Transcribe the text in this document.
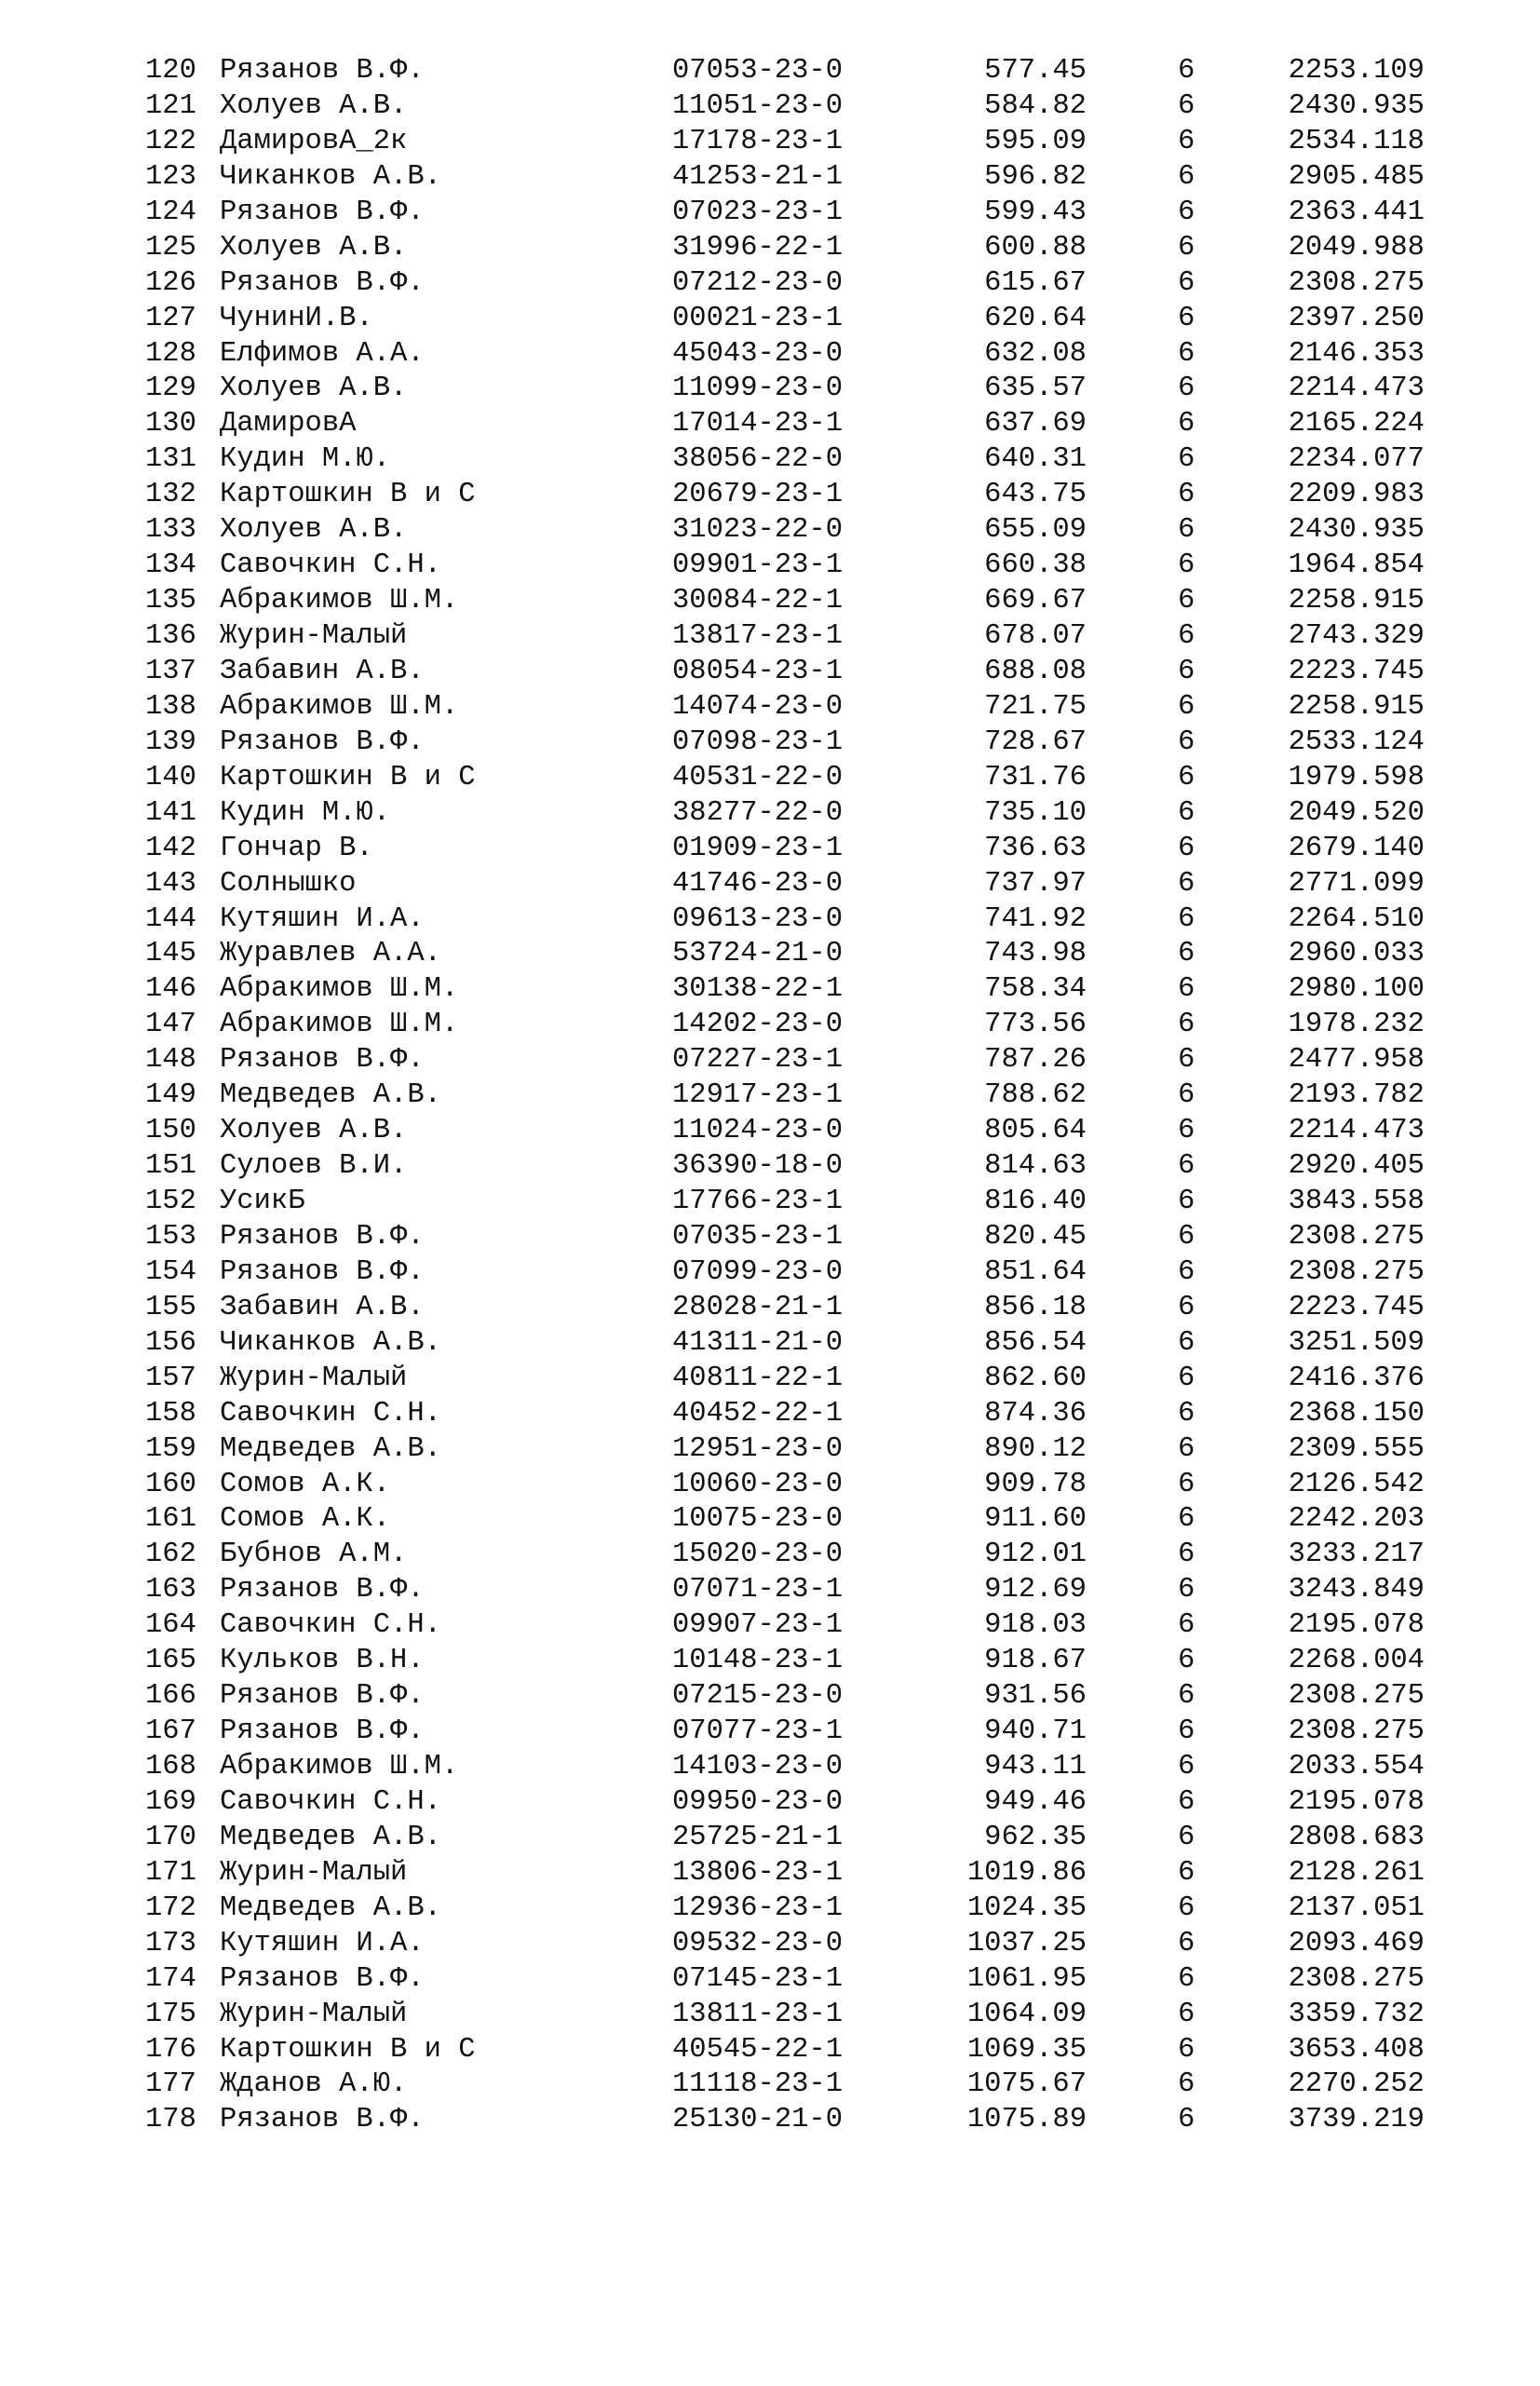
120

Рязанов В.Ф.

	07053-23-0

	577.45

	6

	2253.109

121

Холуев А.В.

	11051-23-0

	584.82

	6

	2430.935

122

ДамировА_2к

	17178-23-1

	595.09

	6

	2534.118

123

Чиканков А.В.

	41253-21-1

	596.82

	6

	2905.485

124

Рязанов В.Ф.

	07023-23-1

	599.43

	6

	2363.441

125

Холуев А.В.

	31996-22-1

	600.88

	6

	2049.988

126

Рязанов В.Ф.

	07212-23-0

	615.67

	6

	2308.275

127

ЧунинИ.В.

	00021-23-1

	620.64

	6

	2397.250

128

Елфимов А.А.

	45043-23-0

	632.08

	6

	2146.353

129

Холуев А.В.

	11099-23-0

	635.57

	6

	2214.473

130

ДамировА

	17014-23-1

	637.69

	6

	2165.224

131

Кудин М.Ю.

	38056-22-0

	640.31

	6

	2234.077

132

Картошкин В и С

	20679-23-1

	643.75

	6

	2209.983

133

Холуев А.В.

	31023-22-0

	655.09

	6

	2430.935

134

Савочкин С.Н.

	09901-23-1

	660.38

	6

	1964.854

135

Абракимов Ш.М.

	30084-22-1

	669.67

	6

	2258.915

136

Журин-Малый

	13817-23-1

	678.07

	6

	2743.329

137

Забавин А.В.

	08054-23-1

	688.08

	6

	2223.745

138

Абракимов Ш.М.

	14074-23-0

	721.75

	6

	2258.915

139

Рязанов В.Ф.

	07098-23-1

	728.67

	6

	2533.124

140

Картошкин В и С

	40531-22-0

	731.76

	6

	1979.598

141

Кудин М.Ю.

	38277-22-0

	735.10

	6

	2049.520

142

Гончар В.

	01909-23-1

	736.63

	6

	2679.140

143

Солнышко

	41746-23-0

	737.97

	6

	2771.099

144

Кутяшин И.А.

	09613-23-0

	741.92

	6

	2264.510

145

Журавлев А.А.

	53724-21-0

	743.98

	6

	2960.033

146

Абракимов Ш.М.

	30138-22-1

	758.34

	6

	2980.100

147

Абракимов Ш.М.

	14202-23-0

	773.56

	6

	1978.232

148

Рязанов В.Ф.

	07227-23-1

	787.26

	6

	2477.958

149

Медведев А.В.

	12917-23-1

	788.62

	6

	2193.782

150

Холуев А.В.

	11024-23-0

	805.64

	6

	2214.473

151

Сулоев В.И.

	36390-18-0

	814.63

	6

	2920.405

152

УсикБ

	17766-23-1

	816.40

	6

	3843.558

153

Рязанов В.Ф.

	07035-23-1

	820.45

	6

	2308.275

154

Рязанов В.Ф.

	07099-23-0

	851.64

	6

	2308.275

155

Забавин А.В.

	28028-21-1

	856.18

	6

	2223.745

156

Чиканков А.В.

	41311-21-0

	856.54

	6

	3251.509

157

Журин-Малый

	40811-22-1

	862.60

	6

	2416.376

158

Савочкин С.Н.

	40452-22-1

	874.36

	6

	2368.150

159

Медведев А.В.

	12951-23-0

	890.12

	6

	2309.555

160

Сомов А.К.

	10060-23-0

	909.78

	6

	2126.542

161

Сомов А.К.

	10075-23-0

	911.60

	6

	2242.203

162

Бубнов А.М.

	15020-23-0

	912.01

	6

	3233.217

163

Рязанов В.Ф.

	07071-23-1

	912.69

	6

	3243.849

164

Савочкин С.Н.

	09907-23-1

	918.03

	6

	2195.078

165

Кульков В.Н.

	10148-23-1

	918.67

	6

	2268.004

166

Рязанов В.Ф.

	07215-23-0

	931.56

	6

	2308.275

167

Рязанов В.Ф.

	07077-23-1

	940.71

	6

	2308.275

168

Абракимов Ш.М.

	14103-23-0

	943.11

	6

	2033.554

169

Савочкин С.Н.

	09950-23-0

	949.46

	6

	2195.078

170

Медведев А.В.

	25725-21-1

	962.35

	6

	2808.683

171

Журин-Малый

	13806-23-1

	1019.86

	6

	2128.261

172

Медведев А.В.

	12936-23-1

	1024.35

	6

	2137.051

173

Кутяшин И.А.

	09532-23-0

	1037.25

	6

	2093.469

174

Рязанов В.Ф.

	07145-23-1

	1061.95

	6

	2308.275

175

Журин-Малый

	13811-23-1

	1064.09

	6

	3359.732

176

Картошкин В и С

	40545-22-1

	1069.35

	6

	3653.408

177

Жданов А.Ю.

	11118-23-1

	1075.67

	6

	2270.252

178

Рязанов В.Ф.

	25130-21-0

	1075.89

	6

	3739.219
